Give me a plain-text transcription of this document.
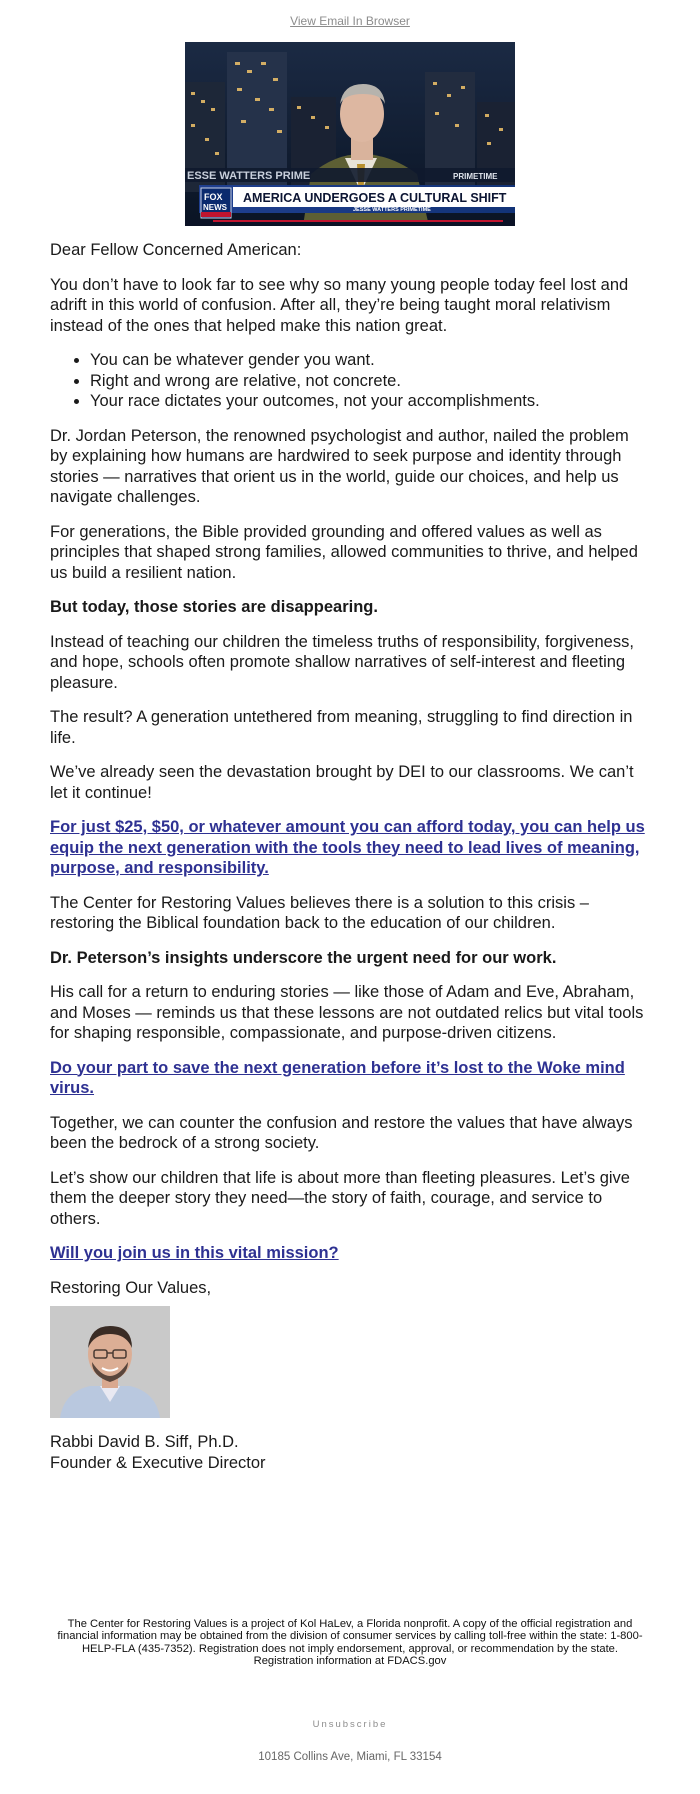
View Email In Browser
ESSE WATTERS PRIME	PRIMETIME
AMERICA UNDERGOES A CULTURAL SHIFT
JESSE WATTERS PRIMETIME
FOX
NEWS

Dear Fellow Concerned American:

You don’t have to look far to see why so many young people today feel lost and adrift in this world of confusion. After all, they’re being taught moral relativism instead of the ones that helped make this nation great.

• You can be whatever gender you want.
• Right and wrong are relative, not concrete.
• Your race dictates your outcomes, not your accomplishments.

Dr. Jordan Peterson, the renowned psychologist and author, nailed the problem by explaining how humans are hardwired to seek purpose and identity through stories — narratives that orient us in the world, guide our choices, and help us navigate challenges.

For generations, the Bible provided grounding and offered values as well as principles that shaped strong families, allowed communities to thrive, and helped us build a resilient nation.

But today, those stories are disappearing.

Instead of teaching our children the timeless truths of responsibility, forgiveness, and hope, schools often promote shallow narratives of self-interest and fleeting pleasure.

The result? A generation untethered from meaning, struggling to find direction in life.

We’ve already seen the devastation brought by DEI to our classrooms. We can’t let it continue!

For just $25, $50, or whatever amount you can afford today, you can help us equip the next generation with the tools they need to lead lives of meaning, purpose, and responsibility.

The Center for Restoring Values believes there is a solution to this crisis – restoring the Biblical foundation back to the education of our children.

Dr. Peterson’s insights underscore the urgent need for our work.

His call for a return to enduring stories — like those of Adam and Eve, Abraham, and Moses — reminds us that these lessons are not outdated relics but vital tools for shaping responsible, compassionate, and purpose-driven citizens.

Do your part to save the next generation before it’s lost to the Woke mind virus.

Together, we can counter the confusion and restore the values that have always been the bedrock of a strong society.

Let’s show our children that life is about more than fleeting pleasures. Let’s give them the deeper story they need—the story of faith, courage, and service to others.

Will you join us in this vital mission?

Restoring Our Values,

Rabbi David B. Siff, Ph.D.
Founder & Executive Director
The Center for Restoring Values is a project of Kol HaLev, a Florida nonprofit. A copy of the official registration and financial information may be obtained from the division of consumer services by calling toll-free within the state: 1-800-HELP-FLA (435-7352). Registration does not imply endorsement, approval, or recommendation by the state. Registration information at FDACS.gov
Unsubscribe
10185 Collins Ave, Miami, FL 33154
